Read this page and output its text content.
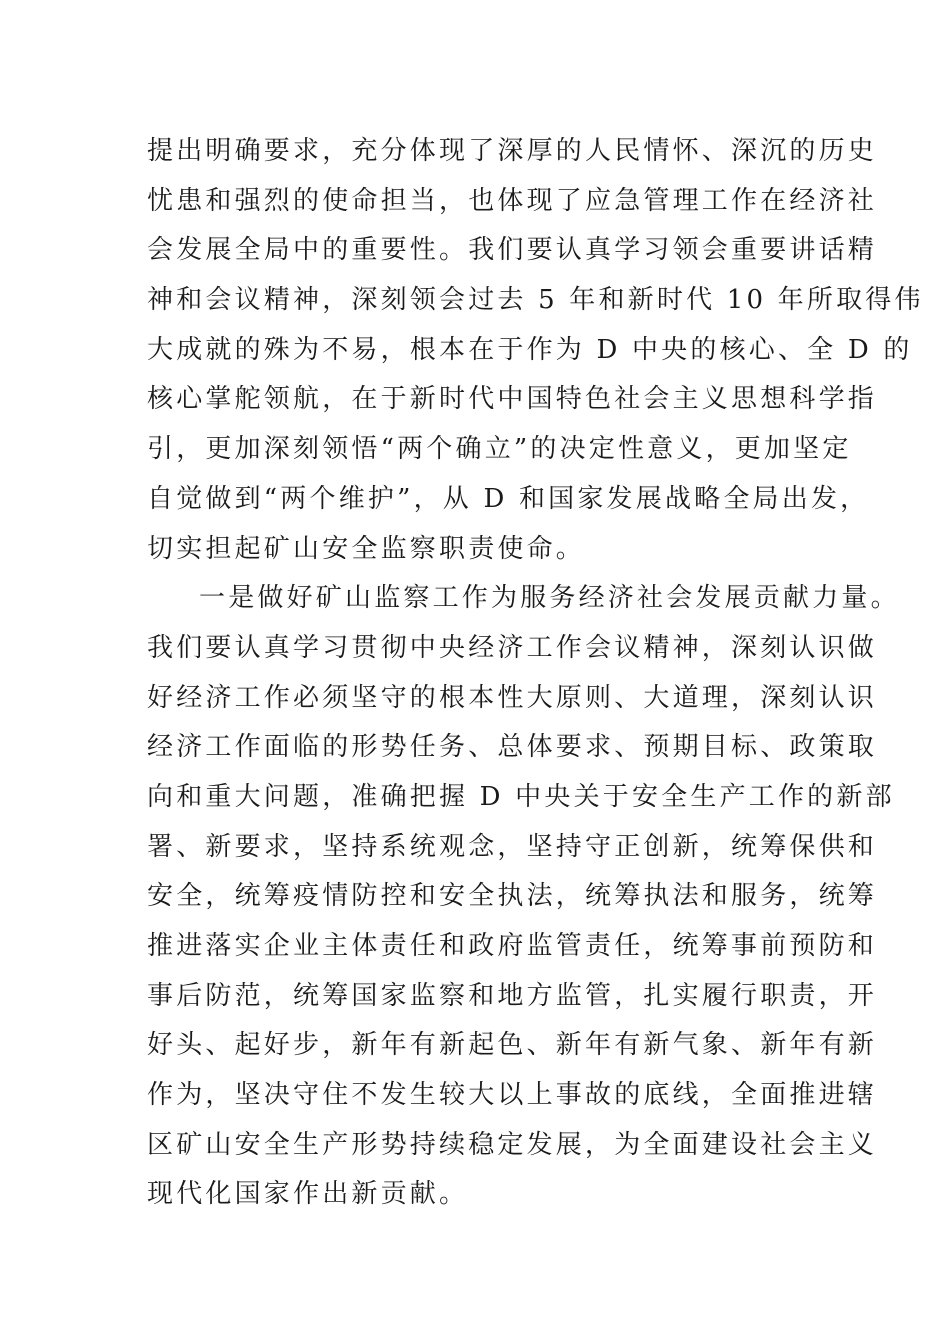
提出明确要求，充分体现了深厚的人民情怀、深沉的历史
忧患和强烈的使命担当，也体现了应急管理工作在经济社
会发展全局中的重要性。我们要认真学习领会重要讲话精
神和会议精神，深刻领会过去 5 年和新时代 10 年所取得伟
大成就的殊为不易，根本在于作为 D 中央的核心、全 D 的
核心掌舵领航，在于新时代中国特色社会主义思想科学指
引，更加深刻领悟“两个确立”的决定性意义，更加坚定
自觉做到“两个维护”，从 D 和国家发展战略全局出发，
切实担起矿山安全监察职责使命。
一是做好矿山监察工作为服务经济社会发展贡献力量。
我们要认真学习贯彻中央经济工作会议精神，深刻认识做
好经济工作必须坚守的根本性大原则、大道理，深刻认识
经济工作面临的形势任务、总体要求、预期目标、政策取
向和重大问题，准确把握 D 中央关于安全生产工作的新部
署、新要求，坚持系统观念，坚持守正创新，统筹保供和
安全，统筹疫情防控和安全执法，统筹执法和服务，统筹
推进落实企业主体责任和政府监管责任，统筹事前预防和
事后防范，统筹国家监察和地方监管，扎实履行职责，开
好头、起好步，新年有新起色、新年有新气象、新年有新
作为，坚决守住不发生较大以上事故的底线，全面推进辖
区矿山安全生产形势持续稳定发展，为全面建设社会主义
现代化国家作出新贡献。
